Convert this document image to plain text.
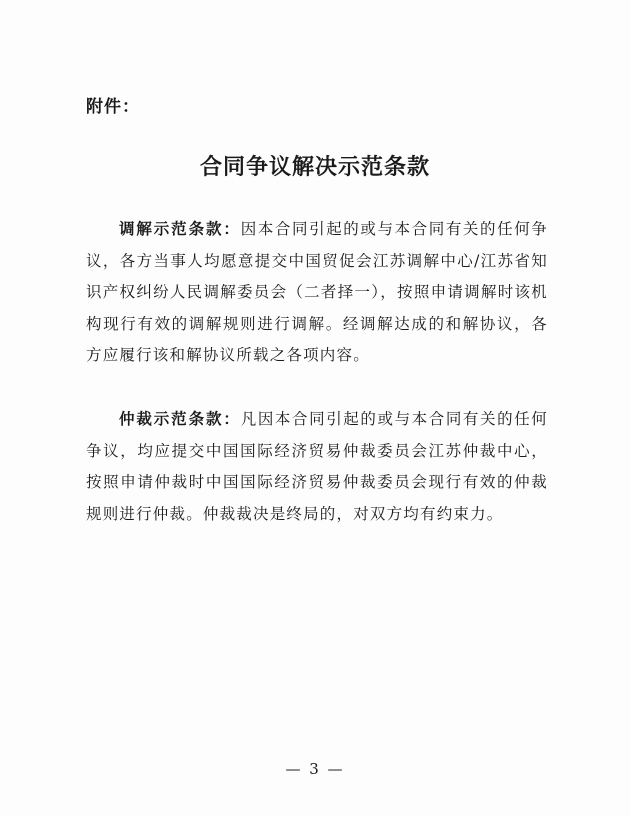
附件：
合同争议解决示范条款

调解示范条款：因本合同引起的或与本合同有关的任何争议，各方当事人均愿意提交中国贸促会江苏调解中心/江苏省知识产权纠纷人民调解委员会（二者择一），按照申请调解时该机构现行有效的调解规则进行调解。经调解达成的和解协议，各方应履行该和解协议所载之各项内容。

仲裁示范条款：凡因本合同引起的或与本合同有关的任何争议，均应提交中国国际经济贸易仲裁委员会江苏仲裁中心，按照申请仲裁时中国国际经济贸易仲裁委员会现行有效的仲裁规则进行仲裁。仲裁裁决是终局的，对双方均有约束力。

— 3 —
